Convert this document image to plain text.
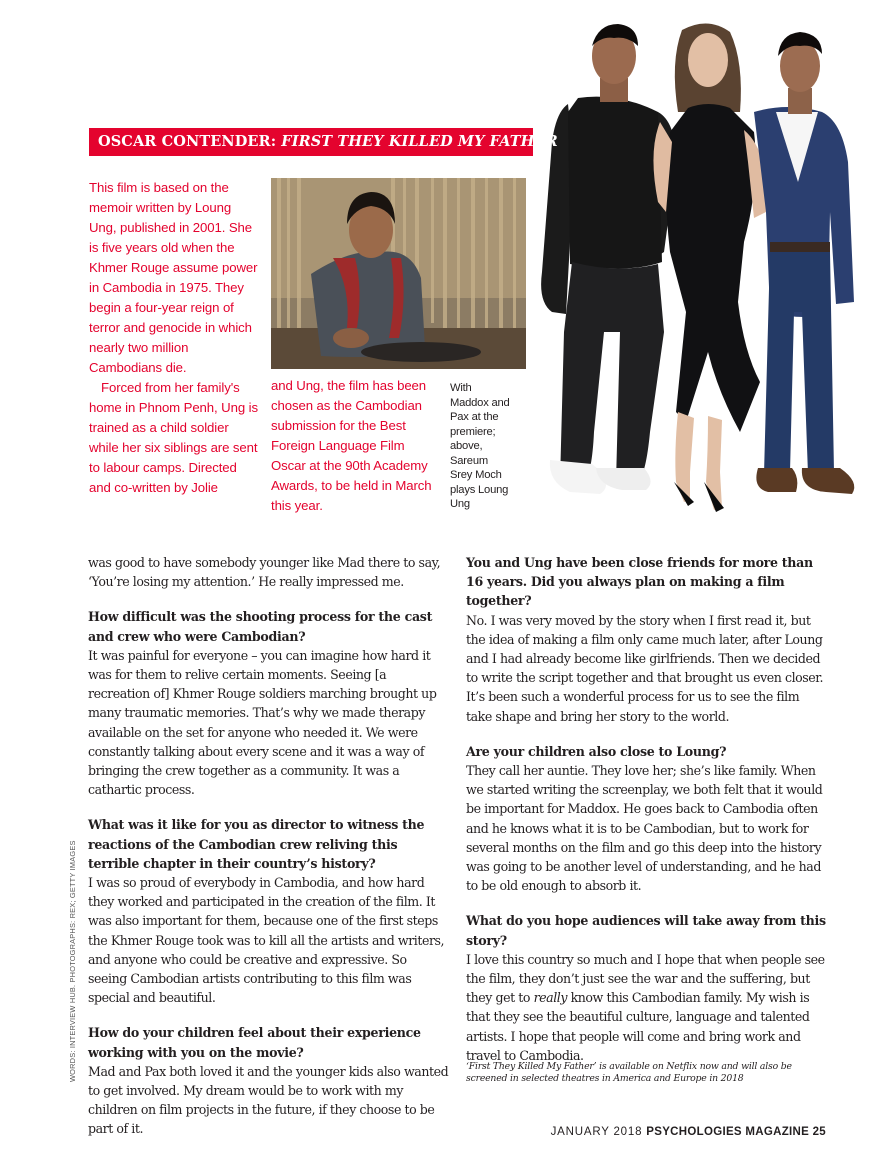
OSCAR CONTENDER: FIRST THEY KILLED MY FATHER

This film is based on the memoir written by Loung Ung, published in 2001. She is five years old when the Khmer Rouge assume power in Cambodia in 1975. They begin a four-year reign of terror and genocide in which nearly two million Cambodians die.

Forced from her family's home in Phnom Penh, Ung is trained as a child soldier while her six siblings are sent to labour camps. Directed and co-written by Jolie

and Ung, the film has been chosen as the Cambodian submission for the Best Foreign Language Film Oscar at the 90th Academy Awards, to be held in March this year.

With Maddox and Pax at the premiere; above, Sareum Srey Moch plays Loung Ung

was good to have somebody younger like Mad there to say, ‘You’re losing my attention.’ He really impressed me.

How difficult was the shooting process for the cast and crew who were Cambodian?

It was painful for everyone – you can imagine how hard it was for them to relive certain moments. Seeing [a recreation of] Khmer Rouge soldiers marching brought up many traumatic memories. That’s why we made therapy available on the set for anyone who needed it. We were constantly talking about every scene and it was a way of bringing the crew together as a community. It was a cathartic process.

What was it like for you as director to witness the reactions of the Cambodian crew reliving this terrible chapter in their country’s history?

I was so proud of everybody in Cambodia, and how hard they worked and participated in the creation of the film. It was also important for them, because one of the first steps the Khmer Rouge took was to kill all the artists and writers, and anyone who could be creative and expressive. So seeing Cambodian artists contributing to this film was special and beautiful.

How do your children feel about their experience working with you on the movie?

Mad and Pax both loved it and the younger kids also wanted to get involved. My dream would be to work with my children on film projects in the future, if they choose to be part of it.

You and Ung have been close friends for more than 16 years. Did you always plan on making a film together?

No. I was very moved by the story when I first read it, but the idea of making a film only came much later, after Loung and I had already become like girlfriends. Then we decided to write the script together and that brought us even closer. It’s been such a wonderful process for us to see the film take shape and bring her story to the world.

Are your children also close to Loung?

They call her auntie. They love her; she’s like family. When we started writing the screenplay, we both felt that it would be important for Maddox. He goes back to Cambodia often and he knows what it is to be Cambodian, but to work for several months on the film and go this deep into the history was going to be another level of understanding, and he had to be old enough to absorb it.

What do you hope audiences will take away from this story?

I love this country so much and I hope that when people see the film, they don’t just see the war and the suffering, but they get to really know this Cambodian family. My wish is that they see the beautiful culture, language and talented artists. I hope that people will come and bring work and travel to Cambodia.

‘First They Killed My Father’ is available on Netflix now and will also be screened in selected theatres in America and Europe in 2018
WORDS: INTERVIEW HUB. PHOTOGRAPHS: REX; GETTY IMAGES
JANUARY 2018 PSYCHOLOGIES MAGAZINE 25
